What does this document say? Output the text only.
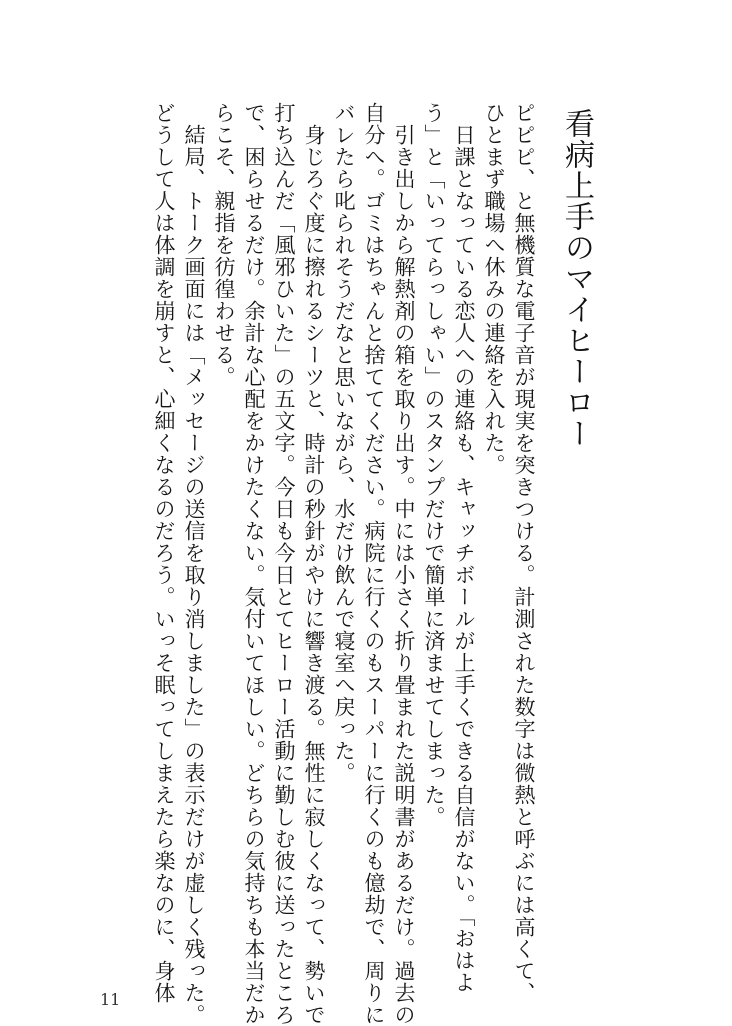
看病上手のマイヒーロー
ピピピ、と無機質な電子音が現実を突きつける。計測された数字は微熱と呼ぶには高くて、
ひとまず職場へ休みの連絡を入れた。
　日課となっている恋人への連絡も、キャッチボールが上手くできる自信がない。「おはよ
う」と「いってらっしゃい」のスタンプだけで簡単に済ませてしまった。
　引き出しから解熱剤の箱を取り出す。中には小さく折り畳まれた説明書があるだけ。過去の
自分へ。ゴミはちゃんと捨ててください。病院に行くのもスーパーに行くのも億劫で、周りに
バレたら叱られそうだなと思いながら、水だけ飲んで寝室へ戻った。
　身じろぐ度に擦れるシーツと、時計の秒針がやけに響き渡る。無性に寂しくなって、勢いで
打ち込んだ「風邪ひいた」の五文字。今日も今日とてヒーロー活動に勤しむ彼に送ったところ
で、困らせるだけ。余計な心配をかけたくない。気付いてほしい。どちらの気持ちも本当だか
らこそ、親指を彷徨わせる。
　結局、トーク画面には「メッセージの送信を取り消しました」の表示だけが虚しく残った。
どうして人は体調を崩すと、心細くなるのだろう。いっそ眠ってしまえたら楽なのに、身体
11
